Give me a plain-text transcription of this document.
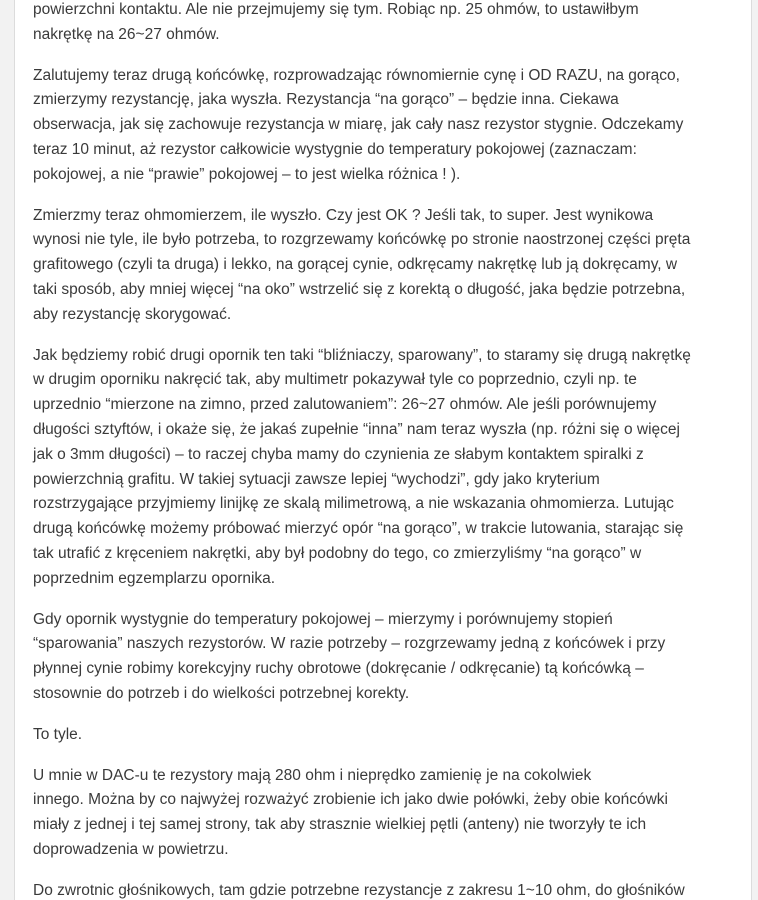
powierzchni kontaktu. Ale nie przejmujemy się tym. Robiąc np. 25 ohmów, to ustawiłbym
nakrętkę na 26~27 ohmów.

Zalutujemy teraz drugą końcówkę, rozprowadzając równomiernie cynę i OD RAZU, na gorąco,
zmierzymy rezystancję, jaka wyszła. Rezystancja “na gorąco” – będzie inna. Ciekawa
obserwacja, jak się zachowuje rezystancja w miarę, jak cały nasz rezystor stygnie. Odczekamy
teraz 10 minut, aż rezystor całkowicie wystygnie do temperatury pokojowej (zaznaczam:
pokojowej, a nie “prawie” pokojowej – to jest wielka różnica ! ).

Zmierzmy teraz ohmomierzem, ile wyszło. Czy jest OK ? Jeśli tak, to super. Jest wynikowa
wynosi nie tyle, ile było potrzeba, to rozgrzewamy końcówkę po stronie naostrzonej części pręta
grafitowego (czyli ta druga) i lekko, na gorącej cynie, odkręcamy nakrętkę lub ją dokręcamy, w
taki sposób, aby mniej więcej “na oko” wstrzelić się z korektą o długość, jaka będzie potrzebna,
aby rezystancję skorygować.

Jak będziemy robić drugi opornik ten taki “bliźniaczy, sparowany”, to staramy się drugą nakrętkę
w drugim oporniku nakręcić tak, aby multimetr pokazywał tyle co poprzednio, czyli np. te
uprzednio “mierzone na zimno, przed zalutowaniem”: 26~27 ohmów. Ale jeśli porównujemy
długości sztyftów, i okaże się, że jakaś zupełnie “inna” nam teraz wyszła (np. różni się o więcej
jak o 3mm długości) – to raczej chyba mamy do czynienia ze słabym kontaktem spiralki z
powierzchnią grafitu. W takiej sytuacji zawsze lepiej “wychodzi”, gdy jako kryterium
rozstrzygające przyjmiemy linijkę ze skalą milimetrową, a nie wskazania ohmomierza. Lutując
drugą końcówkę możemy próbować mierzyć opór “na gorąco”, w trakcie lutowania, starając się
tak utrafić z kręceniem nakrętki, aby był podobny do tego, co zmierzyliśmy “na gorąco” w
poprzednim egzemplarzu opornika.

Gdy opornik wystygnie do temperatury pokojowej – mierzymy i porównujemy stopień
“sparowania” naszych rezystorów. W razie potrzeby – rozgrzewamy jedną z końcówek i przy
płynnej cynie robimy korekcyjny ruchy obrotowe (dokręcanie / odkręcanie) tą końcówką –
stosownie do potrzeb i do wielkości potrzebnej korekty.

To tyle.

U mnie w DAC-u te rezystory mają 280 ohm i nieprędko zamienię je na cokolwiek
innego. Można by co najwyżej rozważyć zrobienie ich jako dwie połówki, żeby obie końcówki
miały z jednej i tej samej strony, tak aby strasznie wielkiej pętli (anteny) nie tworzyły te ich
doprowadzenia w powietrzu.

Do zwrotnic głośnikowych, tam gdzie potrzebne rezystancje z zakresu 1~10 ohm, do głośników
